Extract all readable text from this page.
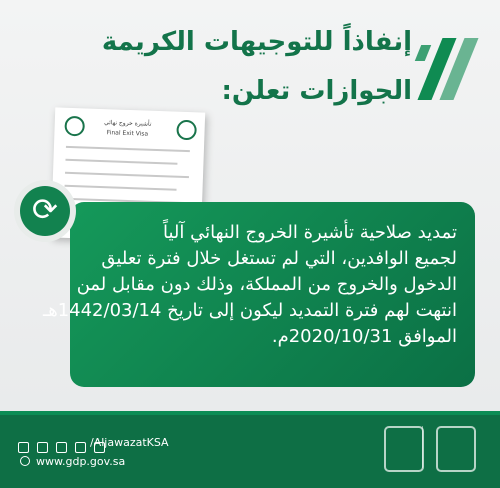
إنفاذاً للتوجيهات الكريمة
الجوازات تعلن:
تأشيرة خروج نهائي
Final Exit Visa
⟳
تمديد صلاحية تأشيرة الخروج النهائي آلياً
لجميع الوافدين، التي لم تستغل خلال فترة تعليق
الدخول والخروج من المملكة، وذلك دون مقابل لمن
انتهت لهم فترة التمديد ليكون إلى تاريخ 1442/03/14هـ
الموافق 2020/10/31م.

/AljawazatKSA
www.gdp.gov.sa
